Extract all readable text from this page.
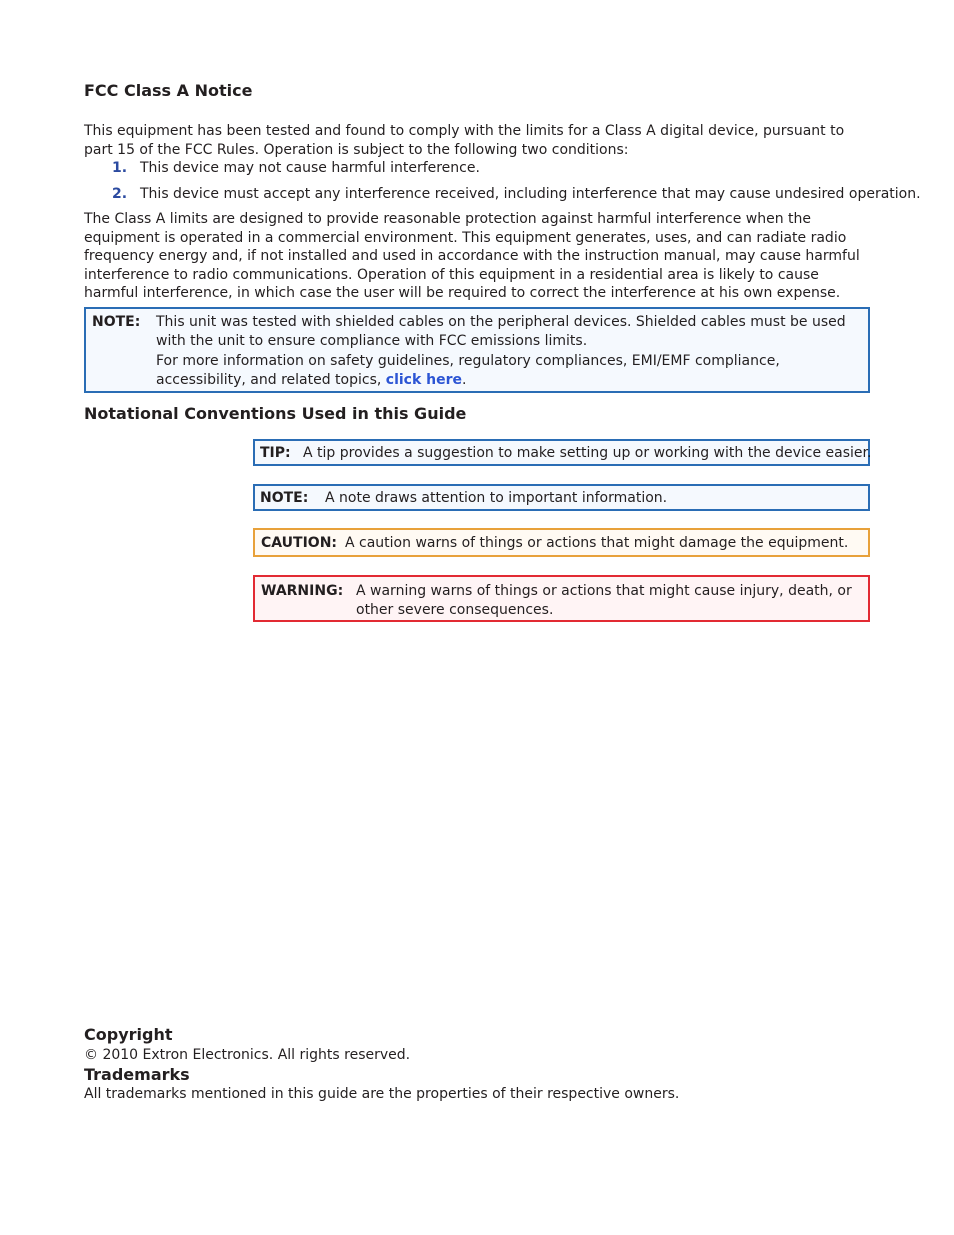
FCC Class A Notice

This equipment has been tested and found to comply with the limits for a Class A digital device, pursuant to part 15 of the FCC Rules. Operation is subject to the following two conditions:

1. This device may not cause harmful interference.
2. This device must accept any interference received, including interference that may cause undesired operation.

The Class A limits are designed to provide reasonable protection against harmful interference when the equipment is operated in a commercial environment. This equipment generates, uses, and can radiate radio frequency energy and, if not installed and used in accordance with the instruction manual, may cause harmful interference to radio communications. Operation of this equipment in a residential area is likely to cause harmful interference, in which case the user will be required to correct the interference at his own expense.

NOTE: This unit was tested with shielded cables on the peripheral devices. Shielded cables must be used with the unit to ensure compliance with FCC emissions limits.

For more information on safety guidelines, regulatory compliances, EMI/EMF compliance, accessibility, and related topics, click here.

Notational Conventions Used in this Guide
TIP: A tip provides a suggestion to make setting up or working with the device easier.
NOTE: A note draws attention to important information.
CAUTION: A caution warns of things or actions that might damage the equipment.
WARNING: A warning warns of things or actions that might cause injury, death, or other severe consequences.
Copyright

© 2010 Extron Electronics. All rights reserved.

Trademarks

All trademarks mentioned in this guide are the properties of their respective owners.
